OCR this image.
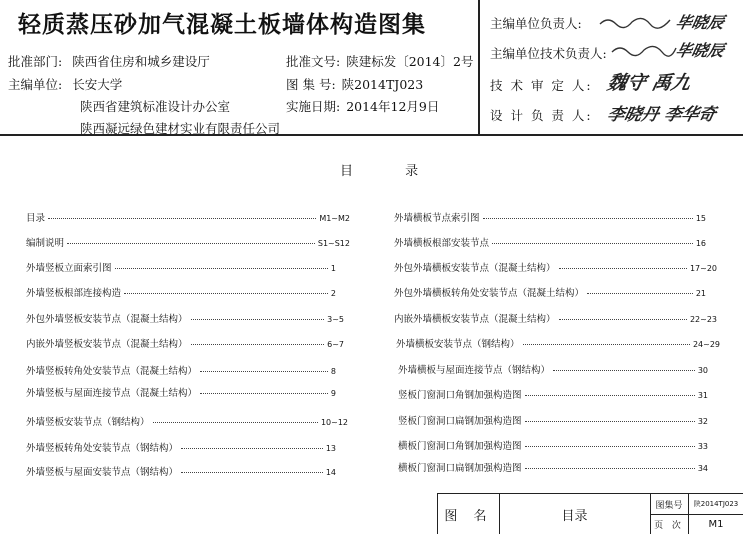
轻质蒸压砂加气混凝土板墙体构造图集
批准部门: 陕西省住房和城乡建设厅	批准文号: 陕建标发〔2014〕2号
主编单位: 长安大学	图 集 号: 陕2014TJ023
陕西省建筑标准设计办公室	实施日期: 2014年12月9日
陕西凝远绿色建材实业有限责任公司
主编单位负责人:	毕晓辰
主编单位技术负责人:	毕晓辰
技 术 审 定 人: 魏守 禹九
设 计 负 责 人: 李晓丹 李华奇
目 录
目录	M1~M2
编制说明	S1~S12
外墙竖板立面索引图	1
外墙竖板根部连接构造	2
外包外墙竖板安装节点（混凝土结构）	3~5
内嵌外墙竖板安装节点（混凝土结构）	6~7
外墙竖板转角处安装节点（混凝土结构）	8
外墙竖板与屋面连接节点（混凝土结构）	9
外墙竖板安装节点（钢结构）	10~12
外墙竖板转角处安装节点（钢结构）	13
外墙竖板与屋面安装节点（钢结构）	14
外墙横板节点索引图	15
外墙横板根部安装节点	16
外包外墙横板安装节点（混凝土结构）	17~20
外包外墙横板转角处安装节点（混凝土结构）	21
内嵌外墙横板安装节点（混凝土结构）	22~23
外墙横板安装节点（钢结构）	24~29
外墙横板与屋面连接节点（钢结构）	30
竖板门窗洞口角钢加强构造图	31
竖板门窗洞口扁钢加强构造图	32
横板门窗洞口角钢加强构造图	33
横板门窗洞口扁钢加强构造图	34
图 名	目录
图集号	陕2014TJ023
页 次	M1
